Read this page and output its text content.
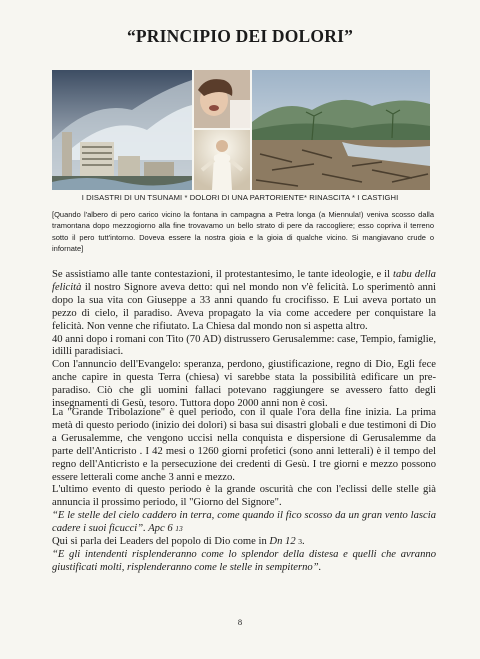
“PRINCIPIO DEI DOLORI”
I DISASTRI DI UN TSUNAMI * DOLORI DI UNA PARTORIENTE* RINASCITA * I CASTIGHI
[Quando l'albero di pero carico vicino la fontana in campagna a Petra longa (a Miennula!) veniva scosso dalla tramontana dopo mezzogiorno alla fine trovavamo un bello strato di pere da raccogliere; esso copriva il terreno sotto il pero tutt'intorno. Doveva essere la nostra gioia e la gioia di qualche vicino. Si mangiavano crude o infornate]

Se assistiamo alle tante contestazioni, il protestantesimo, le tante ideologie, e il tabu della felicità il nostro Signore aveva detto: qui nel mondo non v'è felicità. Lo sperimentò anni dopo la sua vita con Giuseppe a 33 anni quando fu crocifisso. E Lui aveva portato un pezzo di cielo, il paradiso. Aveva propagato la via come accedere per conquistare la felicità. Non venne che rifiutato. La Chiesa dal mondo non si aspetta altro.

40 anni dopo i romani con Tito (70 AD) distrussero Gerusalemme: case, Tempio, famiglie, idilli paradisiaci.

Con l'annuncio dell'Evangelo: speranza, perdono, giustificazione, regno di Dio, Egli fece anche capire in questa Terra (chiesa) vi sarebbe stata la possibilità edificare un pre-paradiso. Ciò che gli uomini fallaci potevano raggiungere se avessero fatto degli insegnamenti di Gesù, tesoro. Tuttora dopo 2000 anni non è così.

La "Grande Tribolazione" è quel periodo, con il quale l'ora della fine inizia. La prima metà di questo periodo (inizio dei dolori) si basa sui disastri globali e due testimoni di Dio a Gerusalemme, che vengono uccisi nella conquista e dispersione di Gerusalemme da parte dell'Anticristo . I 42 mesi o 1260 giorni profetici (sono anni letterali) è il tempo del regno dell'Anticristo e la persecuzione dei credenti di Gesù. I tre giorni e mezzo possono essere letterali come anche 3 anni e mezzo.

L'ultimo evento di questo periodo è la grande oscurità che con l'eclissi delle stelle già annuncia il prossimo periodo, il "Giorno del Signore".

“E le stelle del cielo caddero in terra, come quando il fico scosso da un gran vento lascia cadere i suoi ficucci”. Apc 6 13

Qui si parla dei Leaders del popolo di Dio come in Dn 12 3.

“E gli intendenti risplenderanno come lo splendor della distesa e quelli che avranno giustificati molti, risplenderanno come le stelle in sempiterno”.

8
